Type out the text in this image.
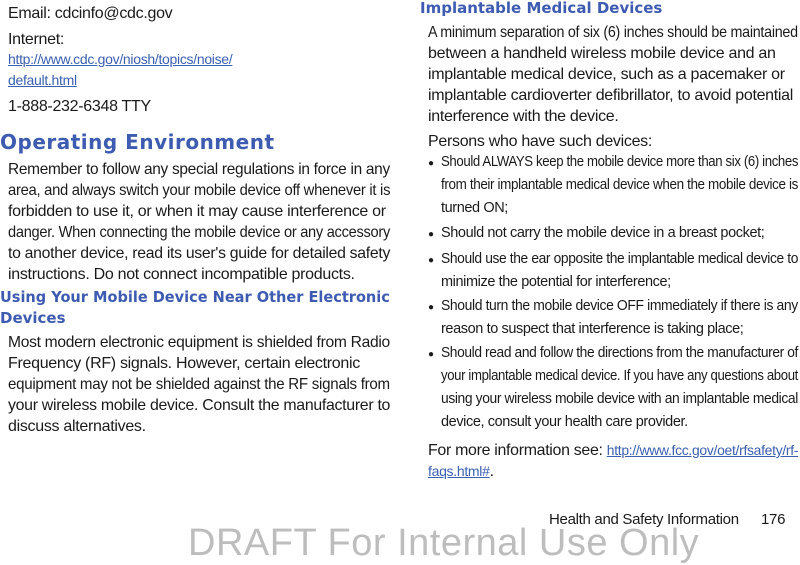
Email: cdcinfo@cdc.gov
Internet:
http://www.cdc.gov/niosh/topics/noise/
default.html
1-888-232-6348 TTY
Operating Environment
Remember to follow any special regulations in force in any
area, and always switch your mobile device off whenever it is
forbidden to use it, or when it may cause interference or
danger. When connecting the mobile device or any accessory
to another device, read its user's guide for detailed safety
instructions. Do not connect incompatible products.
Using Your Mobile Device Near Other Electronic
Devices
Most modern electronic equipment is shielded from Radio
Frequency (RF) signals. However, certain electronic
equipment may not be shielded against the RF signals from
your wireless mobile device. Consult the manufacturer to
discuss alternatives.
Implantable Medical Devices
A minimum separation of six (6) inches should be maintained
between a handheld wireless mobile device and an
implantable medical device, such as a pacemaker or
implantable cardioverter defibrillator, to avoid potential
interference with the device.
Persons who have such devices:
● Should ALWAYS keep the mobile device more than six (6) inches
from their implantable medical device when the mobile device is
turned ON;
● Should not carry the mobile device in a breast pocket;
● Should use the ear opposite the implantable medical device to
minimize the potential for interference;
● Should turn the mobile device OFF immediately if there is any
reason to suspect that interference is taking place;
● Should read and follow the directions from the manufacturer of
your implantable medical device. If you have any questions about
using your wireless mobile device with an implantable medical
device, consult your health care provider.
For more information see: http://www.fcc.gov/oet/rfsafety/rf-
faqs.html#.
Health and Safety Information 176
DRAFT For Internal Use Only
